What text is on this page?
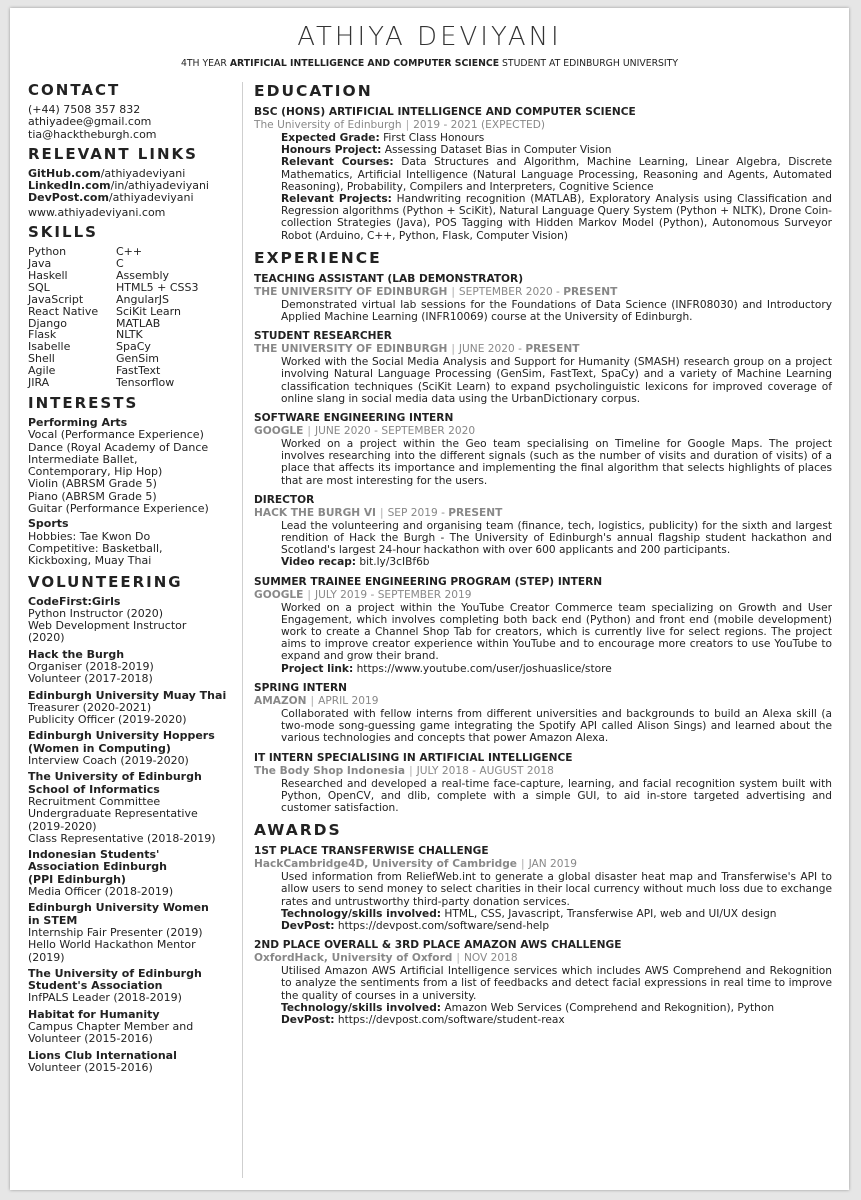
ATHIYA DEVIYANI
4TH YEAR ARTIFICIAL INTELLIGENCE AND COMPUTER SCIENCE STUDENT AT EDINBURGH UNIVERSITY
CONTACT
(+44) 7508 357 832
athiyadee@gmail.com
tia@hacktheburgh.com
RELEVANT LINKS
GitHub.com/athiyadeviyani
LinkedIn.com/in/athiyadeviyani
DevPost.com/athiyadeviyani
www.athiyadeviyani.com
SKILLS
Python	C++
Java	C
Haskell	Assembly
SQL	HTML5 + CSS3
JavaScript	AngularJS
React Native	SciKit Learn
Django	MATLAB
Flask	NLTK
Isabelle	SpaCy
Shell	GenSim
Agile	FastText
JIRA	Tensorflow
INTERESTS
Performing Arts
Vocal (Performance Experience)
Dance (Royal Academy of Dance
Intermediate Ballet,
Contemporary, Hip Hop)
Violin (ABRSM Grade 5)
Piano (ABRSM Grade 5)
Guitar (Performance Experience)
Sports
Hobbies: Tae Kwon Do
Competitive: Basketball,
Kickboxing, Muay Thai
VOLUNTEERING
CodeFirst:Girls
Python Instructor (2020)
Web Development Instructor
(2020)
Hack the Burgh
Organiser (2018-2019)
Volunteer (2017-2018)
Edinburgh University Muay Thai
Treasurer (2020-2021)
Publicity Officer (2019-2020)
Edinburgh University Hoppers
(Women in Computing)
Interview Coach (2019-2020)
The University of Edinburgh
School of Informatics
Recruitment Committee
Undergraduate Representative
(2019-2020)
Class Representative (2018-2019)
Indonesian Students'
Association Edinburgh
(PPI Edinburgh)
Media Officer (2018-2019)
Edinburgh University Women
in STEM
Internship Fair Presenter (2019)
Hello World Hackathon Mentor
(2019)
The University of Edinburgh
Student's Association
InfPALS Leader (2018-2019)
Habitat for Humanity
Campus Chapter Member and
Volunteer (2015-2016)
Lions Club International
Volunteer (2015-2016)
EDUCATION
BSC (HONS) ARTIFICIAL INTELLIGENCE AND COMPUTER SCIENCE
The University of Edinburgh | 2019 - 2021 (EXPECTED)
Expected Grade: First Class Honours
Honours Project: Assessing Dataset Bias in Computer Vision
Relevant Courses: Data Structures and Algorithm, Machine Learning, Linear Algebra, Discrete Mathematics, Artificial Intelligence (Natural Language Processing, Reasoning and Agents, Automated Reasoning), Probability, Compilers and Interpreters, Cognitive Science
Relevant Projects: Handwriting recognition (MATLAB), Exploratory Analysis using Classification and Regression algorithms (Python + SciKit), Natural Language Query System (Python + NLTK), Drone Coin-collection Strategies (Java), POS Tagging with Hidden Markov Model (Python), Autonomous Surveyor Robot (Arduino, C++, Python, Flask, Computer Vision)
EXPERIENCE
TEACHING ASSISTANT (LAB DEMONSTRATOR)
THE UNIVERSITY OF EDINBURGH | SEPTEMBER 2020 - PRESENT
Demonstrated virtual lab sessions for the Foundations of Data Science (INFR08030) and Introductory Applied Machine Learning (INFR10069) course at the University of Edinburgh.
STUDENT RESEARCHER
THE UNIVERSITY OF EDINBURGH | JUNE 2020 - PRESENT
Worked with the Social Media Analysis and Support for Humanity (SMASH) research group on a project involving Natural Language Processing (GenSim, FastText, SpaCy) and a variety of Machine Learning classification techniques (SciKit Learn) to expand psycholinguistic lexicons for improved coverage of online slang in social media data using the UrbanDictionary corpus.
SOFTWARE ENGINEERING INTERN
GOOGLE | JUNE 2020 - SEPTEMBER 2020
Worked on a project within the Geo team specialising on Timeline for Google Maps. The project involves researching into the different signals (such as the number of visits and duration of visits) of a place that affects its importance and implementing the final algorithm that selects highlights of places that are most interesting for the users.
DIRECTOR
HACK THE BURGH VI | SEP 2019 - PRESENT
Lead the volunteering and organising team (finance, tech, logistics, publicity) for the sixth and largest rendition of Hack the Burgh - The University of Edinburgh's annual flagship student hackathon and Scotland's largest 24-hour hackathon with over 600 applicants and 200 participants.
Video recap: bit.ly/3cIBf6b
SUMMER TRAINEE ENGINEERING PROGRAM (STEP) INTERN
GOOGLE | JULY 2019 - SEPTEMBER 2019
Worked on a project within the YouTube Creator Commerce team specializing on Growth and User Engagement, which involves completing both back end (Python) and front end (mobile development) work to create a Channel Shop Tab for creators, which is currently live for select regions. The project aims to improve creator experience within YouTube and to encourage more creators to use YouTube to expand and grow their brand.
Project link: https://www.youtube.com/user/joshuaslice/store
SPRING INTERN
AMAZON | APRIL 2019
Collaborated with fellow interns from different universities and backgrounds to build an Alexa skill (a two-mode song-guessing game integrating the Spotify API called Alison Sings) and learned about the various technologies and concepts that power Amazon Alexa.
IT INTERN SPECIALISING IN ARTIFICIAL INTELLIGENCE
The Body Shop Indonesia | JULY 2018 - AUGUST 2018
Researched and developed a real-time face-capture, learning, and facial recognition system built with Python, OpenCV, and dlib, complete with a simple GUI, to aid in-store targeted advertising and customer satisfaction.
AWARDS
1ST PLACE TRANSFERWISE CHALLENGE
HackCambridge4D, University of Cambridge | JAN 2019
Used information from ReliefWeb.int to generate a global disaster heat map and Transferwise's API to allow users to send money to select charities in their local currency without much loss due to exchange rates and untrustworthy third-party donation services.
Technology/skills involved: HTML, CSS, Javascript, Transferwise API, web and UI/UX design
DevPost: https://devpost.com/software/send-help
2ND PLACE OVERALL & 3RD PLACE AMAZON AWS CHALLENGE
OxfordHack, University of Oxford | NOV 2018
Utilised Amazon AWS Artificial Intelligence services which includes AWS Comprehend and Rekognition to analyze the sentiments from a list of feedbacks and detect facial expressions in real time to improve the quality of courses in a university.
Technology/skills involved: Amazon Web Services (Comprehend and Rekognition), Python
DevPost: https://devpost.com/software/student-reax
